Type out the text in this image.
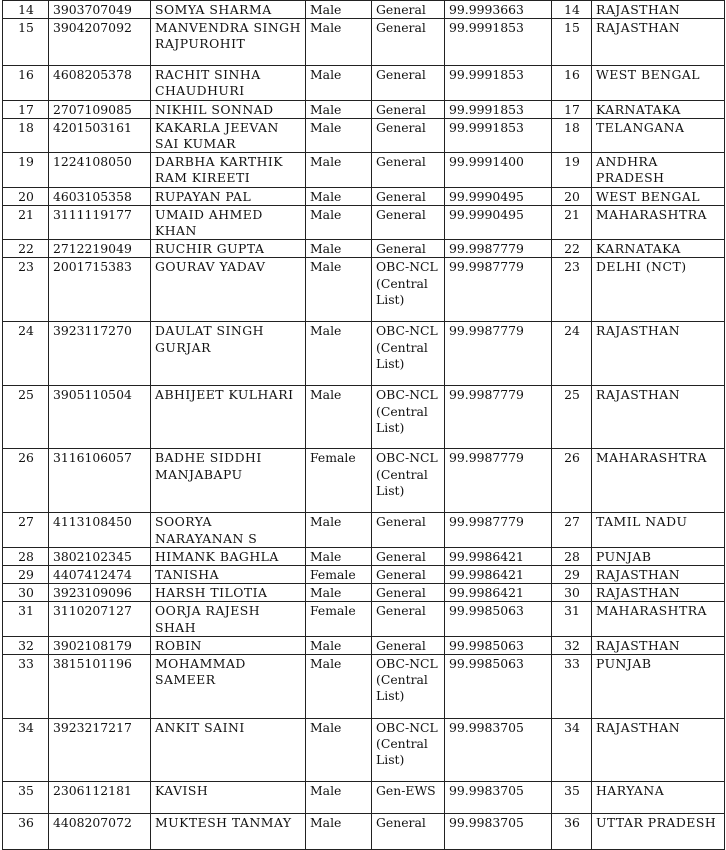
14	3903707049	SOMYA SHARMA	Male	General	99.9993663	14	RAJASTHAN
15	3904207092	MANVENDRA SINGH RAJPUROHIT	Male	General	99.9991853	15	RAJASTHAN
16	4608205378	RACHIT SINHA CHAUDHURI	Male	General	99.9991853	16	WEST BENGAL
17	2707109085	NIKHIL SONNAD	Male	General	99.9991853	17	KARNATAKA
18	4201503161	KAKARLA JEEVAN SAI KUMAR	Male	General	99.9991853	18	TELANGANA
19	1224108050	DARBHA KARTHIK RAM KIREETI	Male	General	99.9991400	19	ANDHRA PRADESH
20	4603105358	RUPAYAN PAL	Male	General	99.9990495	20	WEST BENGAL
21	3111119177	UMAID AHMED KHAN	Male	General	99.9990495	21	MAHARASHTRA
22	2712219049	RUCHIR GUPTA	Male	General	99.9987779	22	KARNATAKA
23	2001715383	GOURAV YADAV	Male	OBC-NCL (Central List)	99.9987779	23	DELHI (NCT)
24	3923117270	DAULAT SINGH GURJAR	Male	OBC-NCL (Central List)	99.9987779	24	RAJASTHAN
25	3905110504	ABHIJEET KULHARI	Male	OBC-NCL (Central List)	99.9987779	25	RAJASTHAN
26	3116106057	BADHE SIDDHI MANJABAPU	Female	OBC-NCL (Central List)	99.9987779	26	MAHARASHTRA
27	4113108450	SOORYA NARAYANAN S	Male	General	99.9987779	27	TAMIL NADU
28	3802102345	HIMANK BAGHLA	Male	General	99.9986421	28	PUNJAB
29	4407412474	TANISHA	Female	General	99.9986421	29	RAJASTHAN
30	3923109096	HARSH TILOTIA	Male	General	99.9986421	30	RAJASTHAN
31	3110207127	OORJA RAJESH SHAH	Female	General	99.9985063	31	MAHARASHTRA
32	3902108179	ROBIN	Male	General	99.9985063	32	RAJASTHAN
33	3815101196	MOHAMMAD SAMEER	Male	OBC-NCL (Central List)	99.9985063	33	PUNJAB
34	3923217217	ANKIT SAINI	Male	OBC-NCL (Central List)	99.9983705	34	RAJASTHAN
35	2306112181	KAVISH	Male	Gen-EWS	99.9983705	35	HARYANA
36	4408207072	MUKTESH TANMAY	Male	General	99.9983705	36	UTTAR PRADESH
